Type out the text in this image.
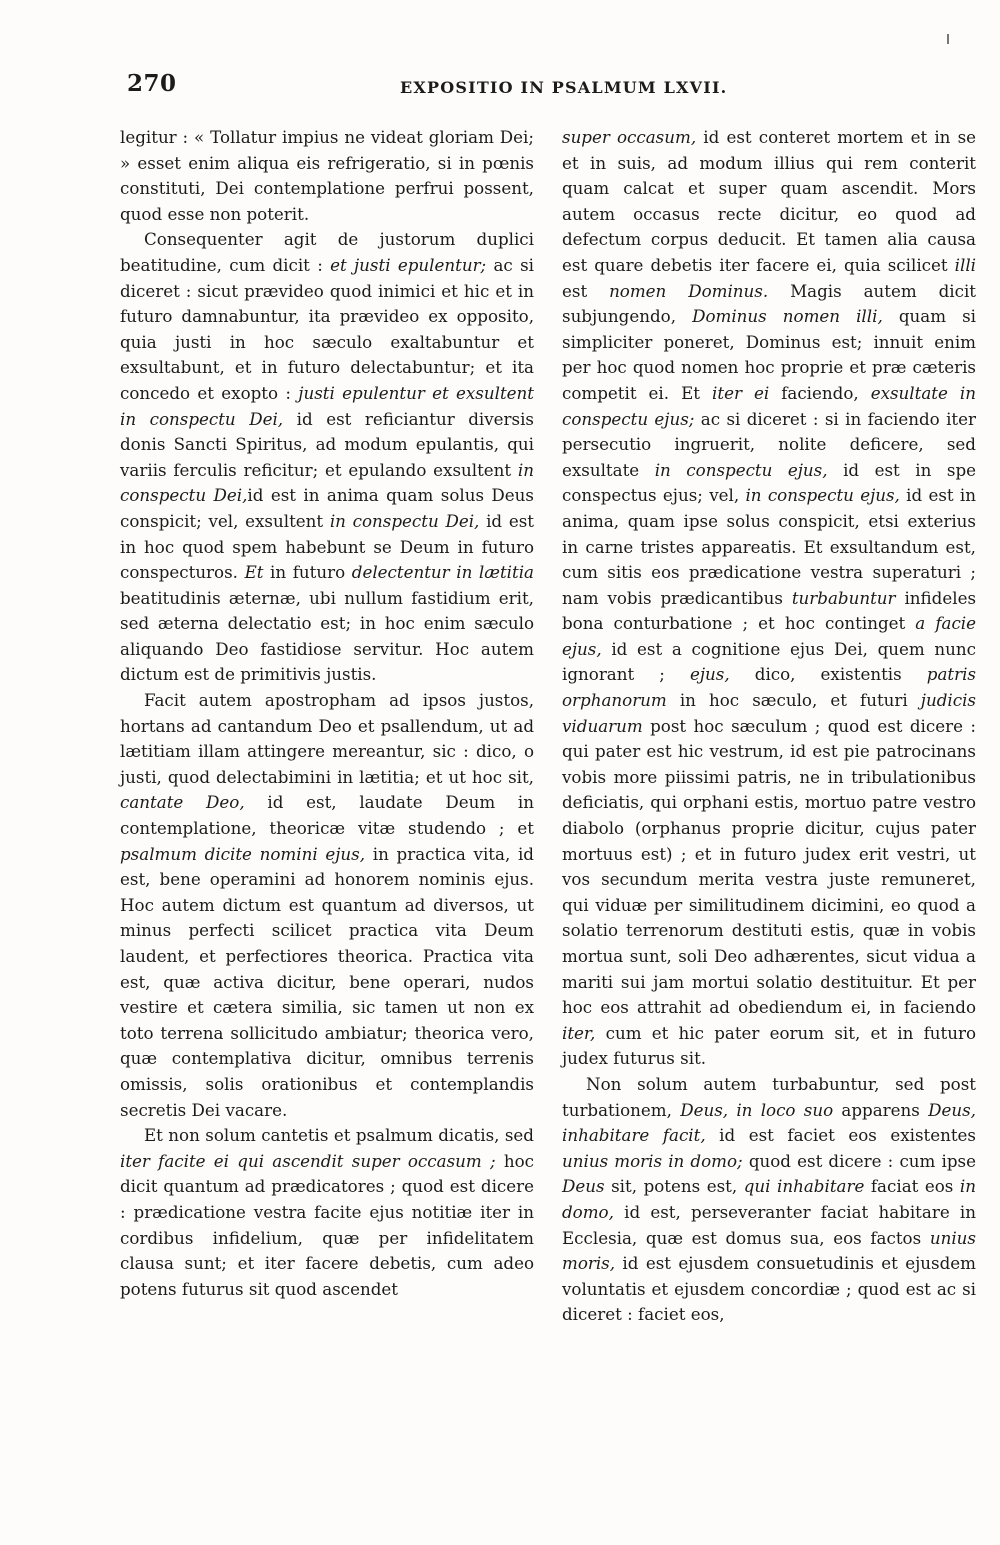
270	EXPOSITIO IN PSALMUM LXVII.

legitur : « Tollatur impius ne videat gloriam Dei; » esset enim aliqua eis refrigeratio, si in pœnis constituti, Dei contemplatione perfrui possent, quod esse non poterit.

Consequenter agit de justorum duplici beatitudine, cum dicit : et justi epulentur; ac si diceret : sicut prævideo quod inimici et hic et in futuro damnabuntur, ita prævideo ex opposito, quia justi in hoc sæculo exaltabuntur et exsultabunt, et in futuro delectabuntur; et ita concedo et exopto : justi epulentur et exsultent in conspectu Dei, id est reficiantur diversis donis Sancti Spiritus, ad modum epulantis, qui variis ferculis reficitur; et epulando exsultent in conspectu Dei,id est in anima quam solus Deus conspicit; vel, exsultent in conspectu Dei, id est in hoc quod spem habebunt se Deum in futuro conspecturos. Et in futuro delectentur in lætitia beatitudinis æternæ, ubi nullum fastidium erit, sed æterna delectatio est; in hoc enim sæculo aliquando Deo fastidiose servitur. Hoc autem dictum est de primitivis justis.

Facit autem apostropham ad ipsos justos, hortans ad cantandum Deo et psallendum, ut ad lætitiam illam attingere mereantur, sic : dico, o justi, quod delectabimini in lætitia; et ut hoc sit, cantate Deo, id est, laudate Deum in contemplatione, theoricæ vitæ studendo ; et psalmum dicite nomini ejus, in practica vita, id est, bene operamini ad honorem nominis ejus. Hoc autem dictum est quantum ad diversos, ut minus perfecti scilicet practica vita Deum laudent, et perfectiores theorica. Practica vita est, quæ activa dicitur, bene operari, nudos vestire et cætera similia, sic tamen ut non ex toto terrena sollicitudo ambiatur; theorica vero, quæ contemplativa dicitur, omnibus terrenis omissis, solis orationibus et contemplandis secretis Dei vacare.

Et non solum cantetis et psalmum dicatis, sed iter facite ei qui ascendit super occasum ; hoc dicit quantum ad prædicatores ; quod est dicere : prædicatione vestra facite ejus notitiæ iter in cordibus infidelium, quæ per infidelitatem clausa sunt; et iter facere debetis, cum adeo potens futurus sit quod ascendet

super occasum, id est conteret mortem et in se et in suis, ad modum illius qui rem conterit quam calcat et super quam ascendit. Mors autem occasus recte dicitur, eo quod ad defectum corpus deducit. Et tamen alia causa est quare debetis iter facere ei, quia scilicet illi est nomen Dominus. Magis autem dicit subjungendo, Dominus nomen illi, quam si simpliciter poneret, Dominus est; innuit enim per hoc quod nomen hoc proprie et præ cæteris competit ei. Et iter ei faciendo, exsultate in conspectu ejus; ac si diceret : si in faciendo iter persecutio ingruerit, nolite deficere, sed exsultate in conspectu ejus, id est in spe conspectus ejus; vel, in conspectu ejus, id est in anima, quam ipse solus conspicit, etsi exterius in carne tristes appareatis. Et exsultandum est, cum sitis eos prædicatione vestra superaturi ; nam vobis prædicantibus turbabuntur infideles bona conturbatione ; et hoc continget a facie ejus, id est a cognitione ejus Dei, quem nunc ignorant ; ejus, dico, existentis patris orphanorum in hoc sæculo, et futuri judicis viduarum post hoc sæculum ; quod est dicere : qui pater est hic vestrum, id est pie patrocinans vobis more piissimi patris, ne in tribulationibus deficiatis, qui orphani estis, mortuo patre vestro diabolo (orphanus proprie dicitur, cujus pater mortuus est) ; et in futuro judex erit vestri, ut vos secundum merita vestra juste remuneret, qui viduæ per similitudinem dicimini, eo quod a solatio terrenorum destituti estis, quæ in vobis mortua sunt, soli Deo adhærentes, sicut vidua a mariti sui jam mortui solatio destituitur. Et per hoc eos attrahit ad obediendum ei, in faciendo iter, cum et hic pater eorum sit, et in futuro judex futurus sit.

Non solum autem turbabuntur, sed post turbationem, Deus, in loco suo apparens Deus, inhabitare facit, id est faciet eos existentes unius moris in domo; quod est dicere : cum ipse Deus sit, potens est, qui inhabitare faciat eos in domo, id est, perseveranter faciat habitare in Ecclesia, quæ est domus sua, eos factos unius moris, id est ejusdem consuetudinis et ejusdem voluntatis et ejusdem concordiæ ; quod est ac si diceret : faciet eos,
